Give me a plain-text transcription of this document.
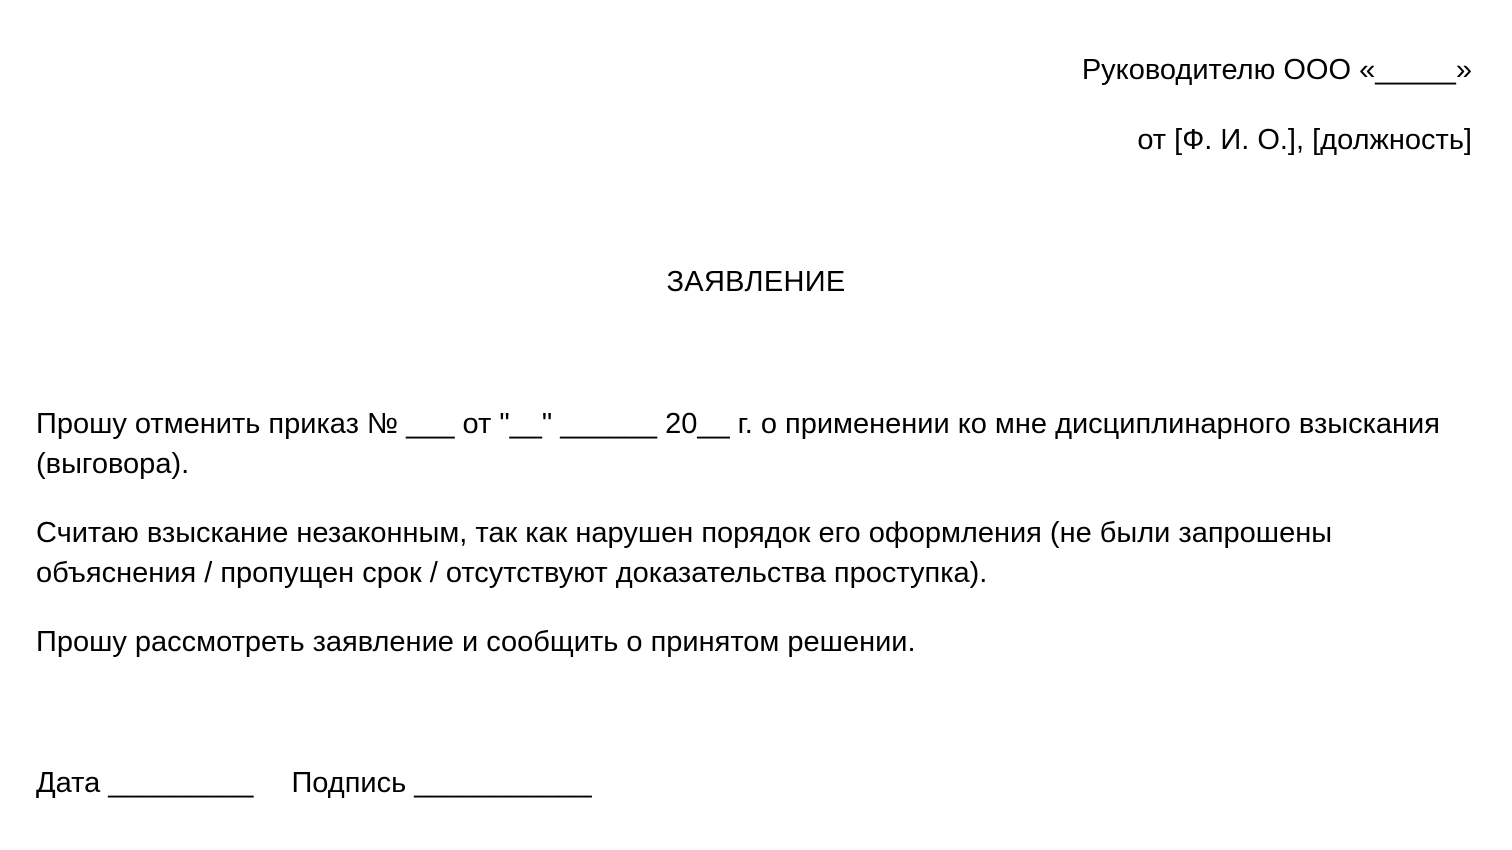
Руководителю ООО «_____»
от [Ф. И. О.], [должность]
ЗАЯВЛЕНИЕ
Прошу отменить приказ № ___ от "__" ______ 20__ г. о применении ко мне дисциплинарного взыскания (выговора).
Считаю взыскание незаконным, так как нарушен порядок его оформления (не были запрошены объяснения / пропущен срок / отсутствуют доказательства проступка).
Прошу рассмотреть заявление и сообщить о принятом решении.
Дата _________ Подпись ___________
